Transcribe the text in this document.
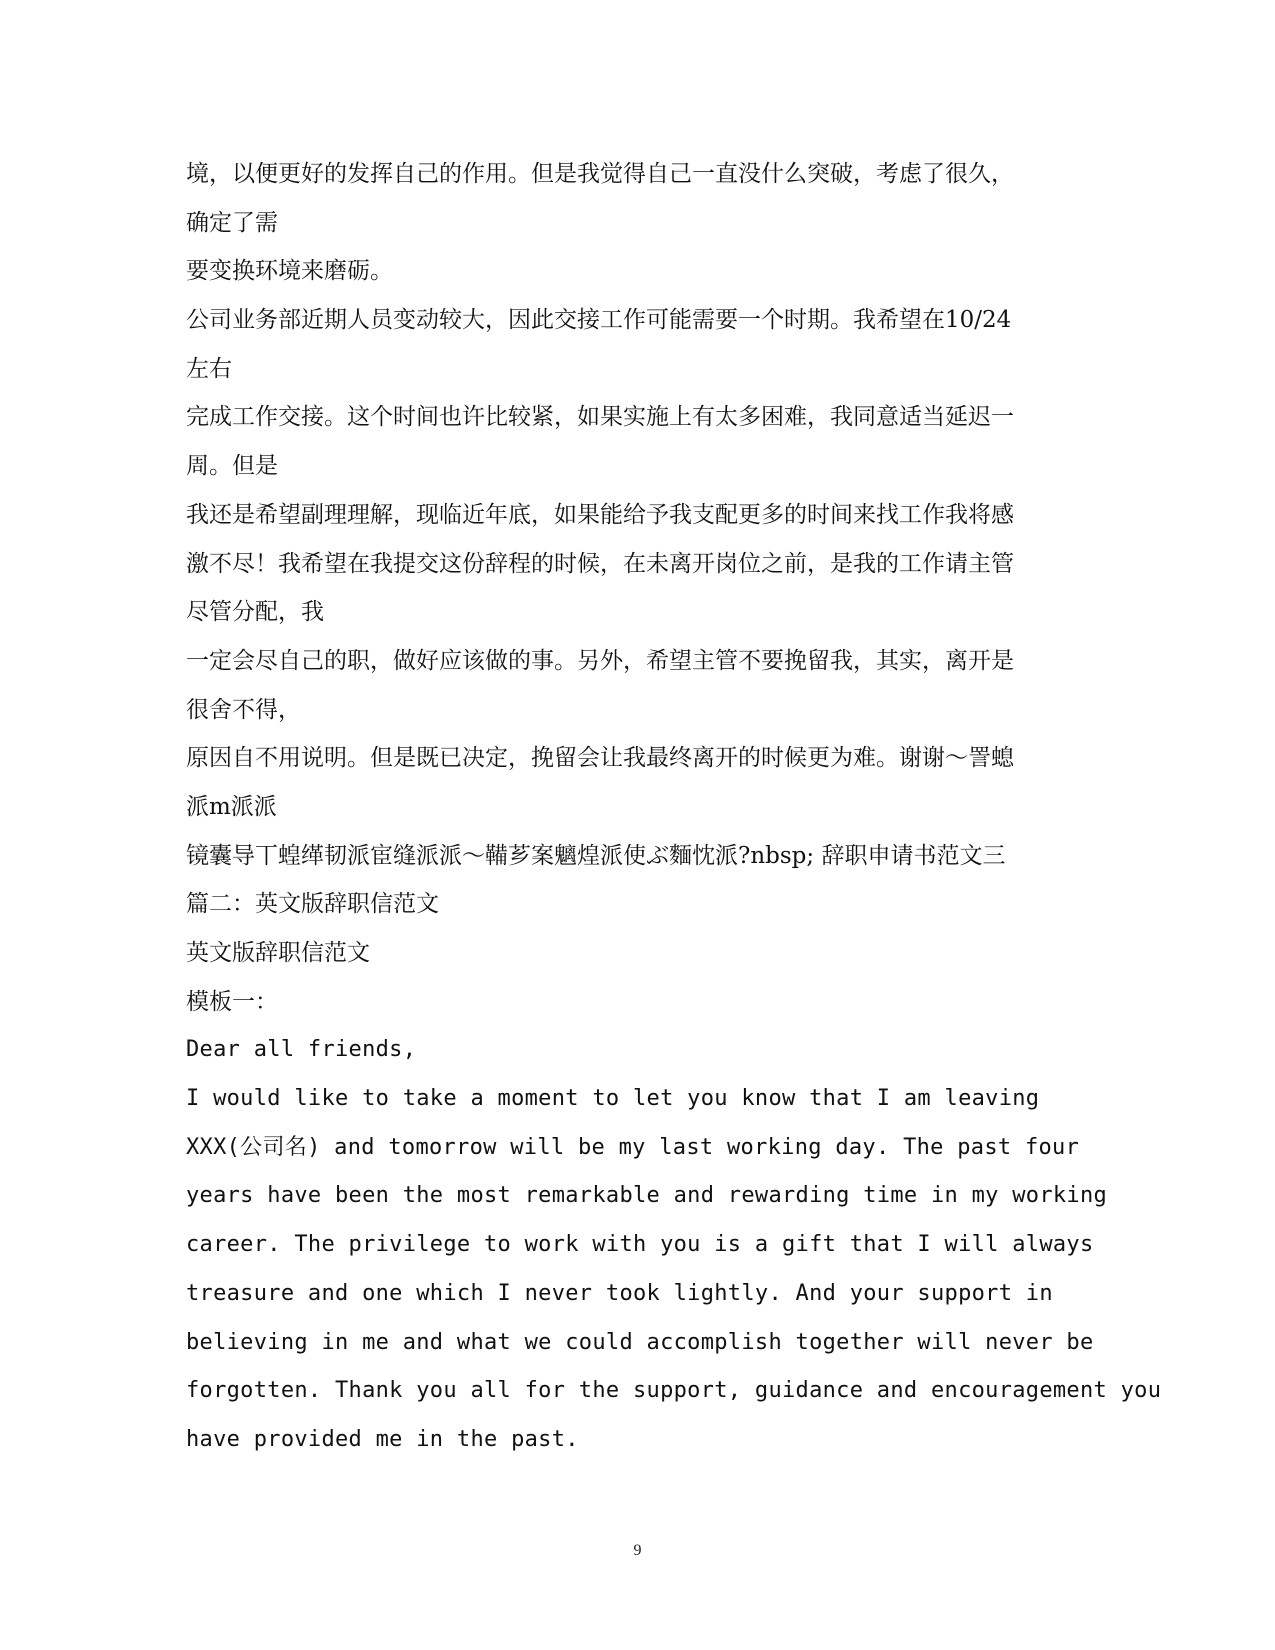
境，以便更好的发挥自己的作用。但是我觉得自己一直没什么突破，考虑了很久，
确定了需
要变换环境来磨砺。
公司业务部近期人员变动较大，因此交接工作可能需要一个时期。我希望在10/24
左右
完成工作交接。这个时间也许比较紧，如果实施上有太多困难，我同意适当延迟一
周。但是
我还是希望副理理解，现临近年底，如果能给予我支配更多的时间来找工作我将感
激不尽！我希望在我提交这份辞程的时候，在未离开岗位之前，是我的工作请主管
尽管分配，我
一定会尽自己的职，做好应该做的事。另外，希望主管不要挽留我，其实，离开是
很舍不得，
原因自不用说明。但是既已决定，挽留会让我最终离开的时候更为难。谢谢～詈螅
派m派派
镜囊导丅蝗缂韧派宦缝派派～鞴芗案魑煌派使ぶ麵忱派?nbsp; 辞职申请书范文三
篇二：英文版辞职信范文
英文版辞职信范文
模板一：
Dear all friends,
I would like to take a moment to let you know that I am leaving
XXX(公司名) and tomorrow will be my last working day. The past four
years have been the most remarkable and rewarding time in my working
career. The privilege to work with you is a gift that I will always
treasure and one which I never took lightly. And your support in
believing in me and what we could accomplish together will never be
forgotten. Thank you all for the support, guidance and encouragement you
have provided me in the past.
9
